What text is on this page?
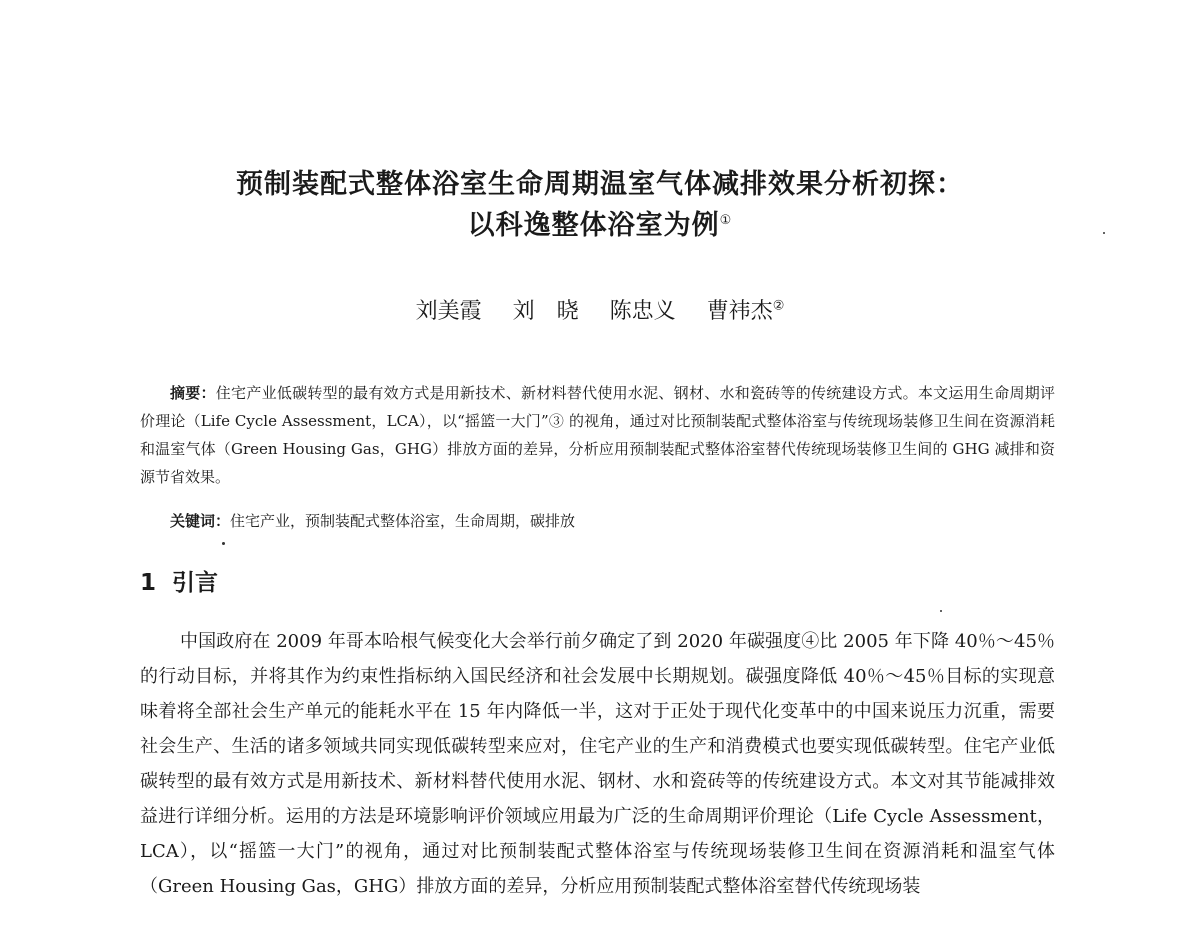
预制装配式整体浴室生命周期温室气体减排效果分析初探：
以科逸整体浴室为例①

刘美霞 刘　晓 陈忠义 曹祎杰②

摘要：住宅产业低碳转型的最有效方式是用新技术、新材料替代使用水泥、钢材、水和瓷砖等的传统建设方式。本文运用生命周期评价理论（Life Cycle Assessment，LCA），以“摇篮一大门”③ 的视角，通过对比预制装配式整体浴室与传统现场装修卫生间在资源消耗和温室气体（Green Housing Gas，GHG）排放方面的差异，分析应用预制装配式整体浴室替代传统现场装修卫生间的 GHG 减排和资源节省效果。

关键词：住宅产业，预制装配式整体浴室，生命周期，碳排放

1 引言

中国政府在 2009 年哥本哈根气候变化大会举行前夕确定了到 2020 年碳强度④比 2005 年下降 40％～45％的行动目标，并将其作为约束性指标纳入国民经济和社会发展中长期规划。碳强度降低 40％～45％目标的实现意味着将全部社会生产单元的能耗水平在 15 年内降低一半，这对于正处于现代化变革中的中国来说压力沉重，需要社会生产、生活的诸多领域共同实现低碳转型来应对，住宅产业的生产和消费模式也要实现低碳转型。住宅产业低碳转型的最有效方式是用新技术、新材料替代使用水泥、钢材、水和瓷砖等的传统建设方式。本文对其节能减排效益进行详细分析。运用的方法是环境影响评价领域应用最为广泛的生命周期评价理论（Life Cycle Assessment，LCA），以“摇篮一大门”的视角，通过对比预制装配式整体浴室与传统现场装修卫生间在资源消耗和温室气体（Green Housing Gas，GHG）排放方面的差异，分析应用预制装配式整体浴室替代传统现场装
